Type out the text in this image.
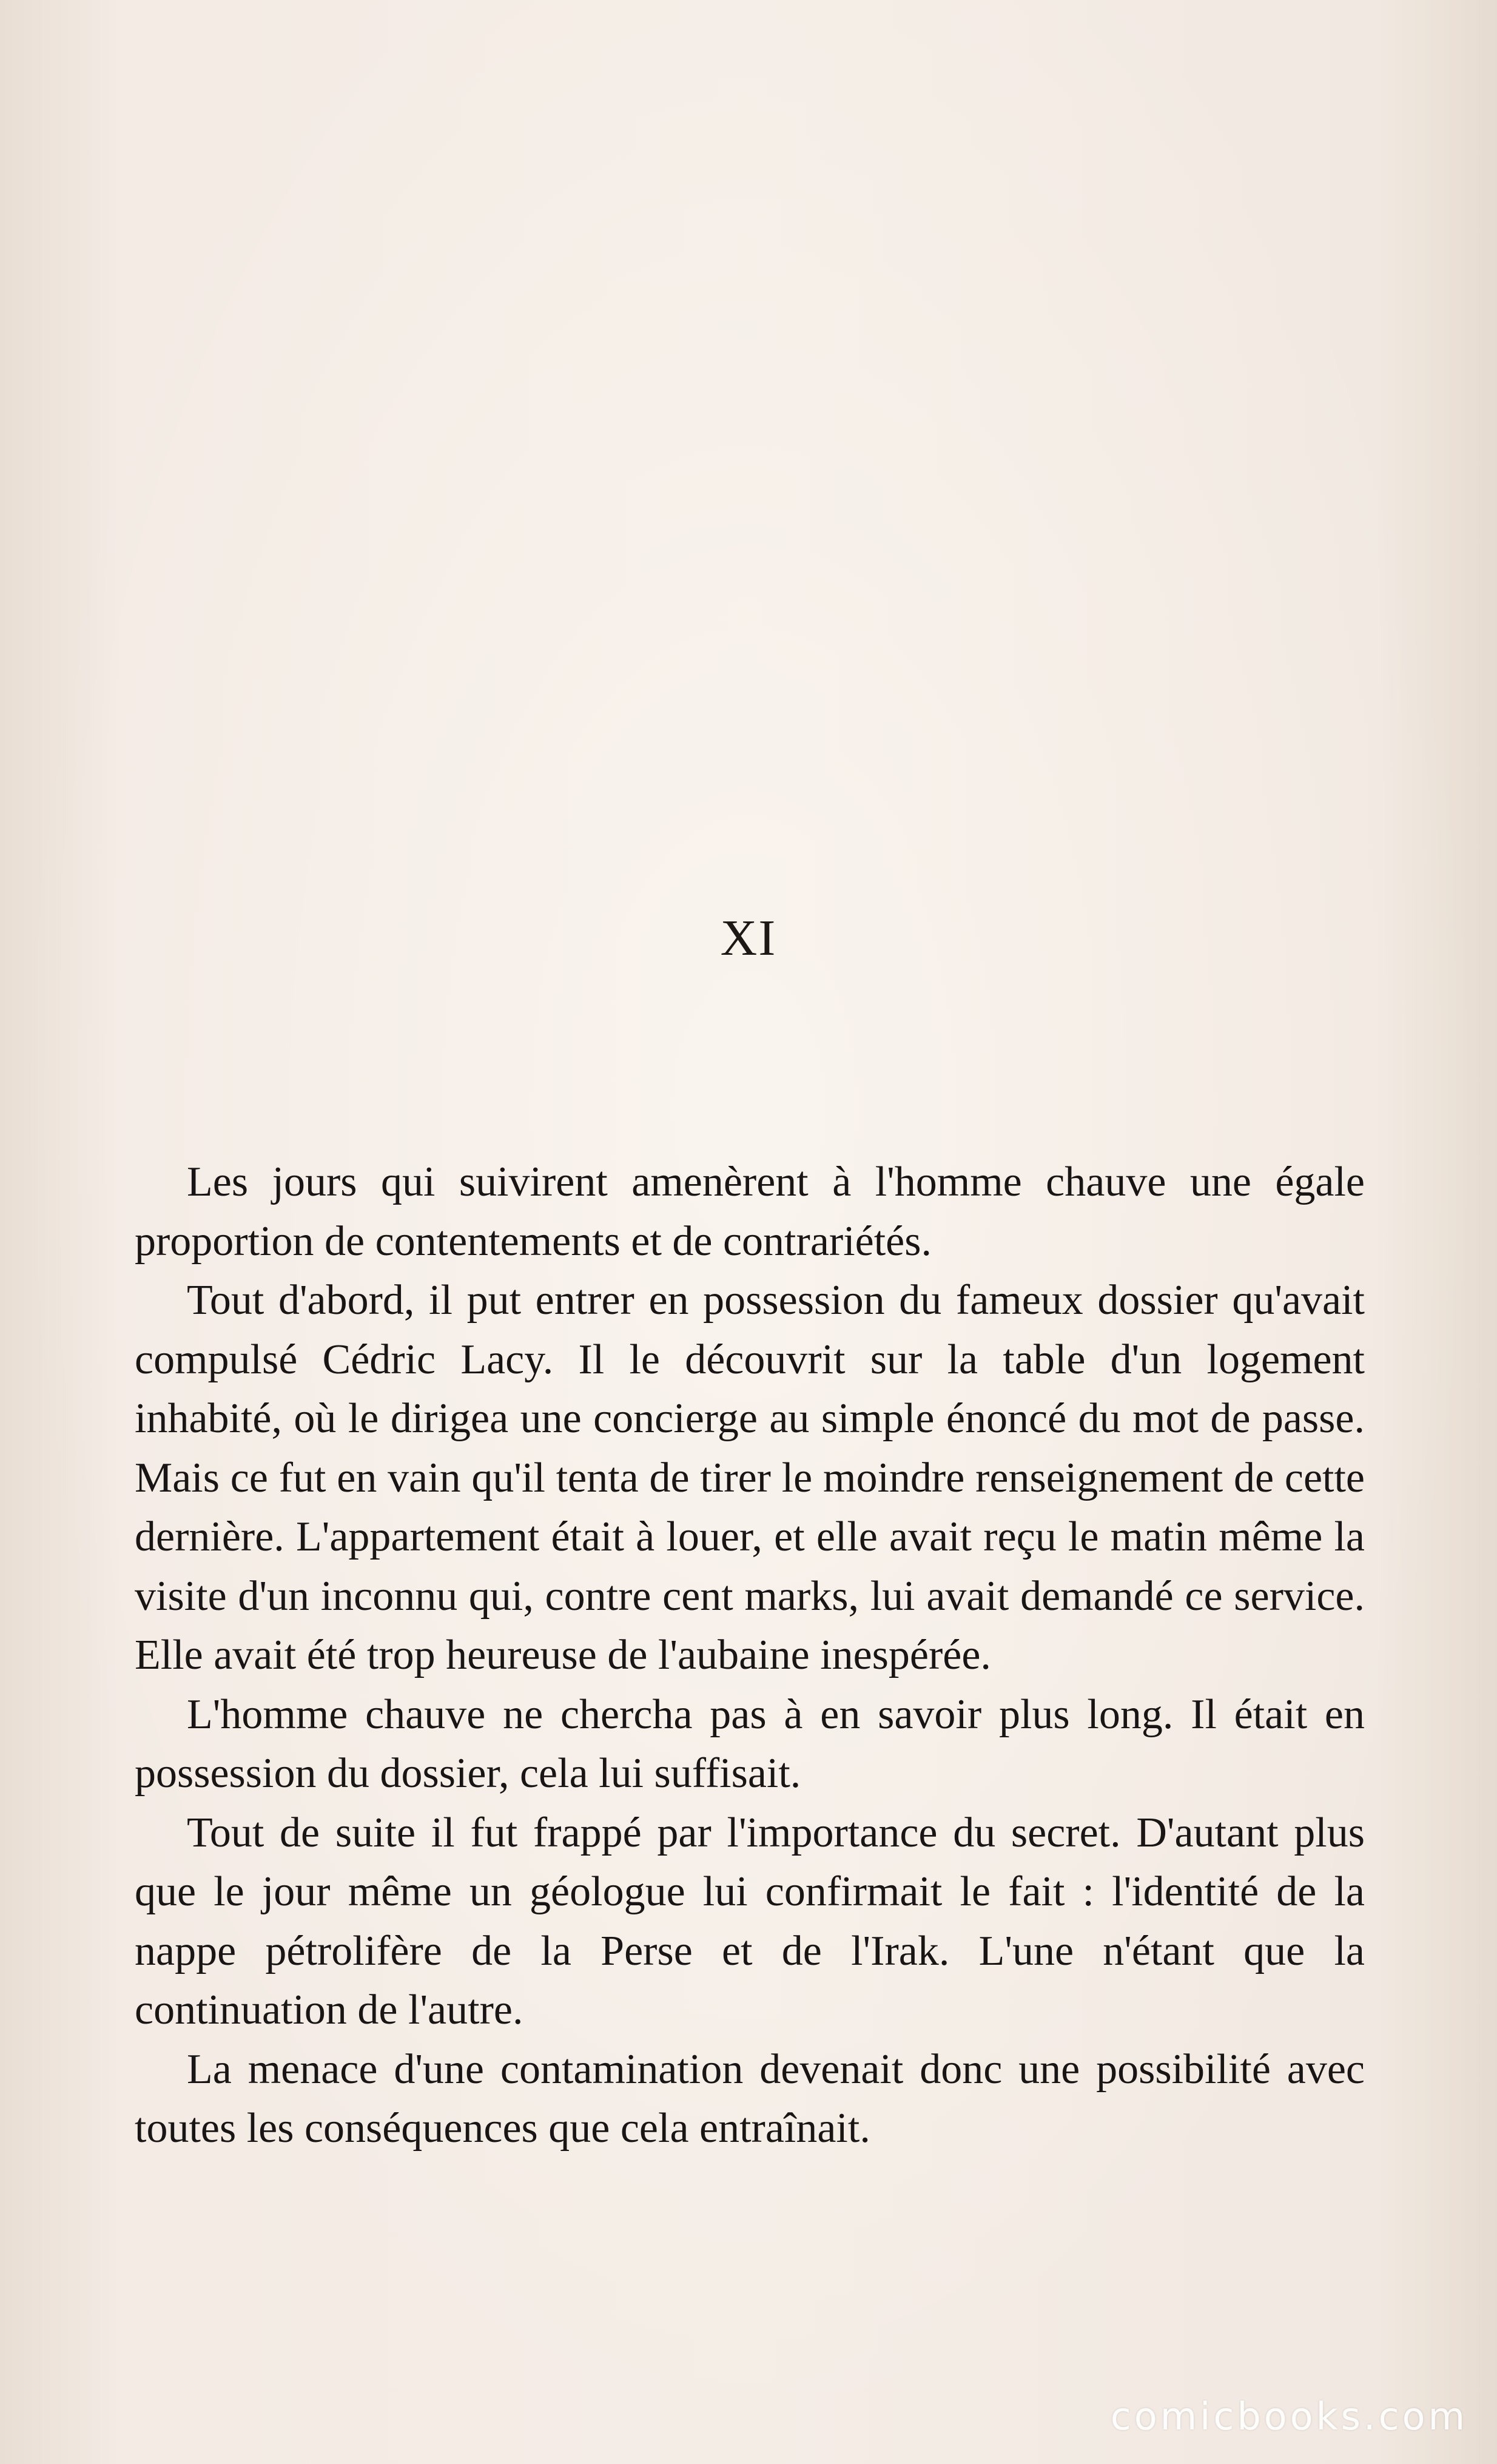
XI

Les jours qui suivirent amenèrent à l'homme chauve une égale proportion de contentements et de contrariétés.

Tout d'abord, il put entrer en possession du fameux dossier qu'avait compulsé Cédric Lacy. Il le découvrit sur la table d'un logement inhabité, où le dirigea une concierge au simple énoncé du mot de passe. Mais ce fut en vain qu'il tenta de tirer le moindre renseignement de cette dernière. L'appartement était à louer, et elle avait reçu le matin même la visite d'un inconnu qui, contre cent marks, lui avait demandé ce service. Elle avait été trop heureuse de l'aubaine inespérée.

L'homme chauve ne chercha pas à en savoir plus long. Il était en possession du dossier, cela lui suffisait.

Tout de suite il fut frappé par l'importance du secret. D'autant plus que le jour même un géologue lui confirmait le fait : l'identité de la nappe pétrolifère de la Perse et de l'Irak. L'une n'étant que la continuation de l'autre.

La menace d'une contamination devenait donc une possibilité avec toutes les conséquences que cela entraînait.

comicbooks.com
